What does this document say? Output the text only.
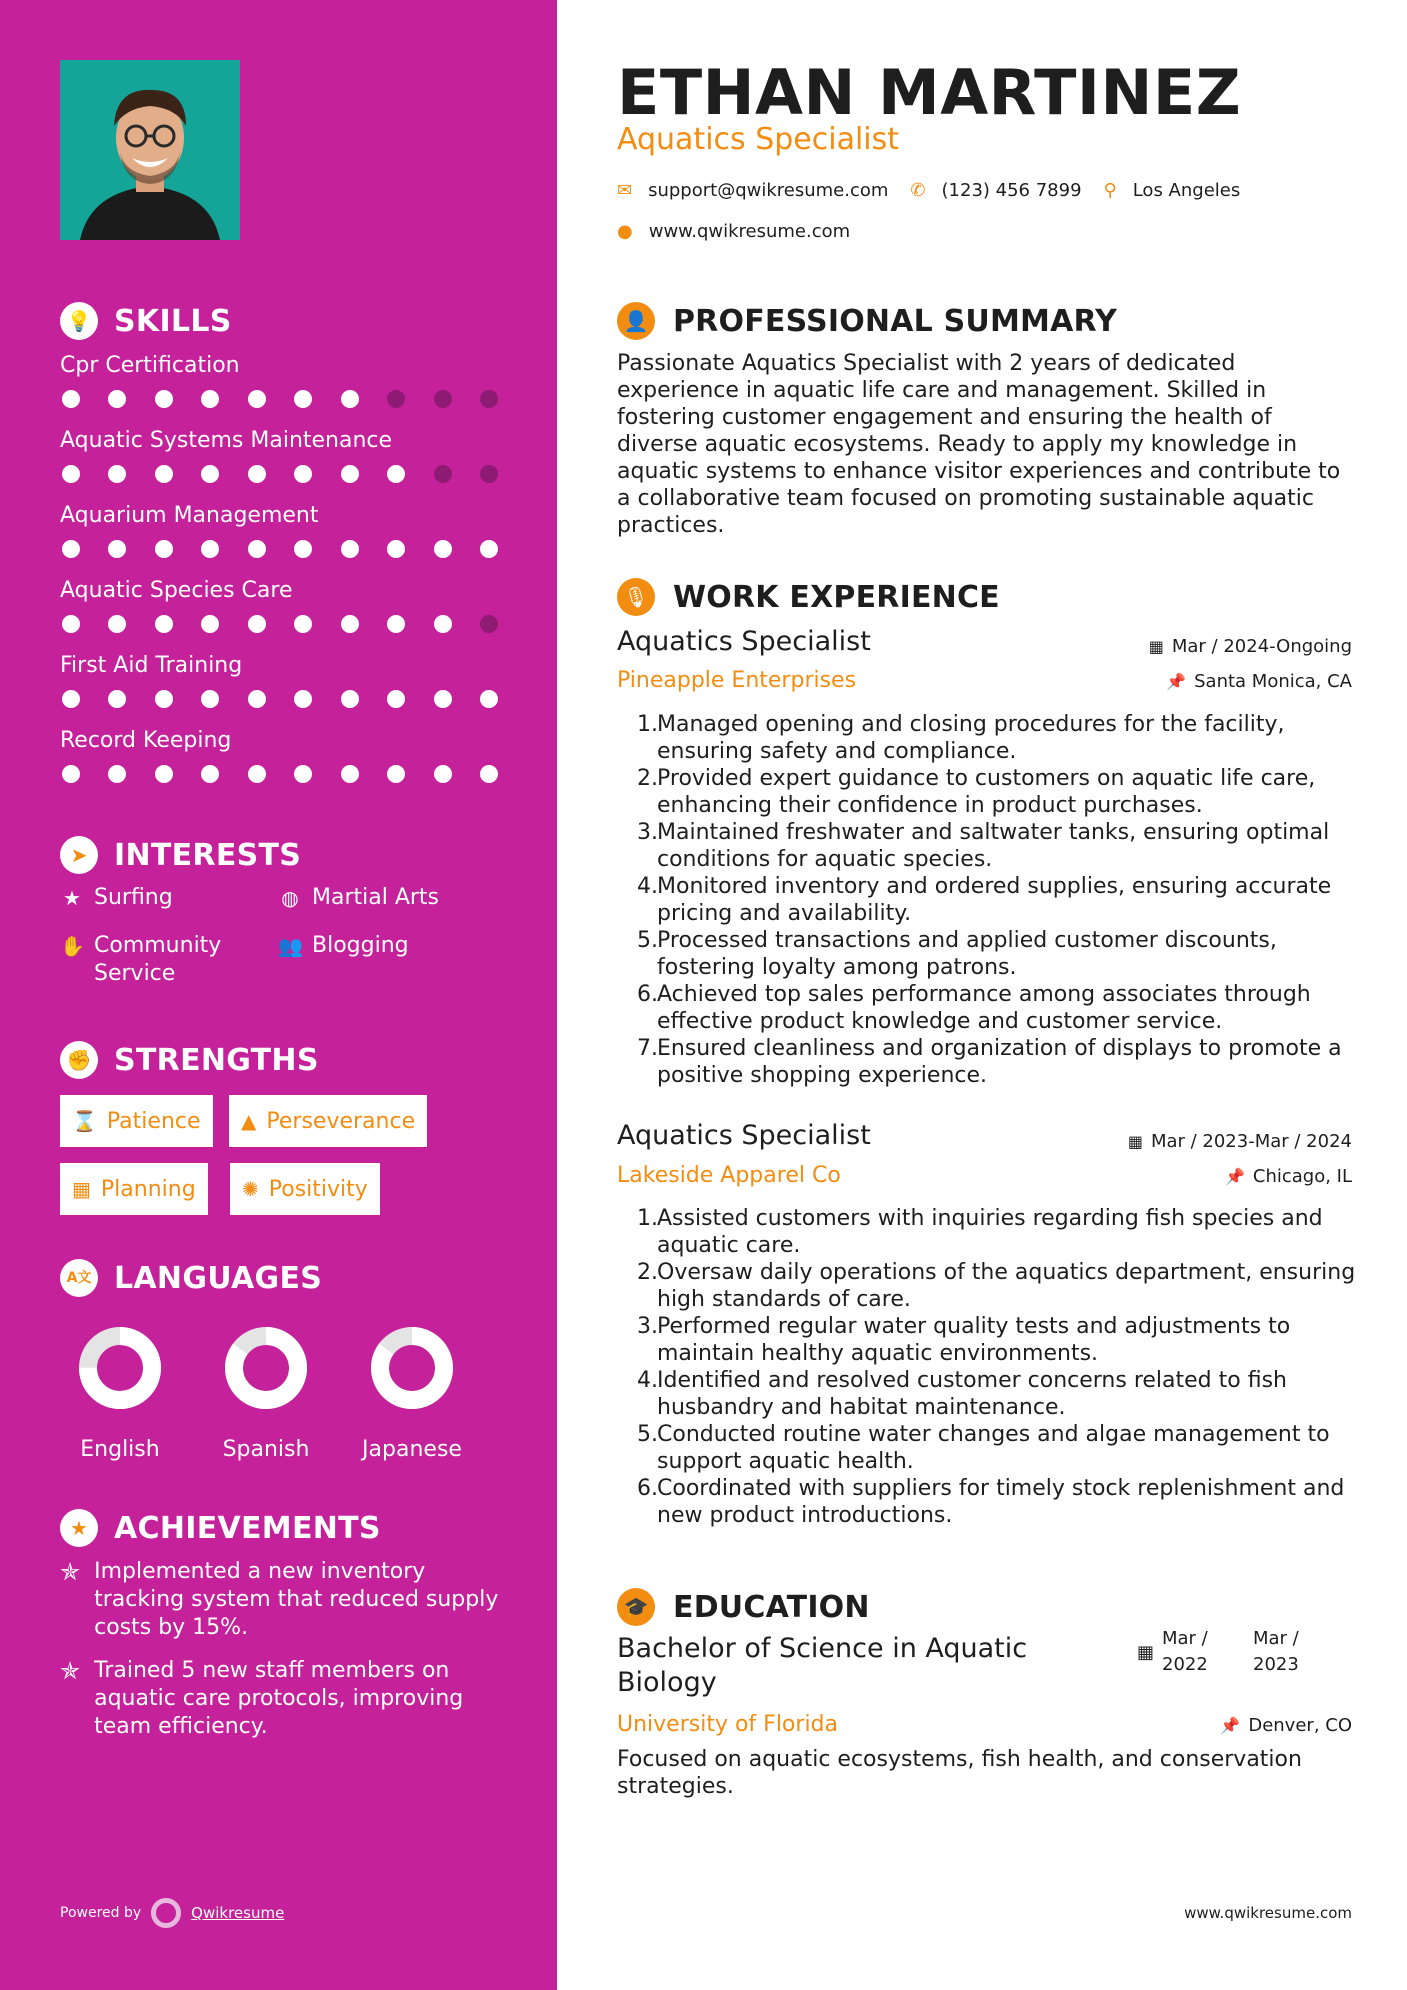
💡 SKILLS
Cpr Certification
Aquatic Systems Maintenance
Aquarium Management
Aquatic Species Care
First Aid Training
Record Keeping
➤ INTERESTS
★ Surfing	◍ Martial Arts
✋ Community Service
👥 Blogging
✊ STRENGTHS
⌛ Patience ▲ Perseverance
▦ Planning ✺ Positivity
A文 LANGUAGES
English	Spanish	Japanese
★ ACHIEVEMENTS
✯ Implemented a new inventory tracking system that reduced supply costs by 15%.
✯ Trained 5 new staff members on aquatic care protocols, improving team efficiency.
Powered by	Qwikresume
ETHAN MARTINEZ
Aquatics Specialist
✉ support@qwikresume.com ✆ (123) 456 7899 ⚲ Los Angeles
● www.qwikresume.com
👤 PROFESSIONAL SUMMARY
Passionate Aquatics Specialist with 2 years of dedicated experience in aquatic life care and management. Skilled in fostering customer engagement and ensuring the health of diverse aquatic ecosystems. Ready to apply my knowledge in aquatic systems to enhance visitor experiences and contribute to a collaborative team focused on promoting sustainable aquatic practices.
🎙 WORK EXPERIENCE
Aquatics Specialist	▦ Mar / 2024-Ongoing
Pineapple Enterprises	📌 Santa Monica, CA
1. Managed opening and closing procedures for the facility, ensuring safety and compliance.
2. Provided expert guidance to customers on aquatic life care, enhancing their confidence in product purchases.
3. Maintained freshwater and saltwater tanks, ensuring optimal conditions for aquatic species.
4. Monitored inventory and ordered supplies, ensuring accurate pricing and availability.
5. Processed transactions and applied customer discounts, fostering loyalty among patrons.
6. Achieved top sales performance among associates through effective product knowledge and customer service.
7. Ensured cleanliness and organization of displays to promote a positive shopping experience.
Aquatics Specialist	▦ Mar / 2023-Mar / 2024
Lakeside Apparel Co	📌 Chicago, IL
1. Assisted customers with inquiries regarding fish species and aquatic care.
2. Oversaw daily operations of the aquatics department, ensuring high standards of care.
3. Performed regular water quality tests and adjustments to maintain healthy aquatic environments.
4. Identified and resolved customer concerns related to fish husbandry and habitat maintenance.
5. Conducted routine water changes and algae management to support aquatic health.
6. Coordinated with suppliers for timely stock replenishment and new product introductions.
🎓 EDUCATION
Bachelor of Science in Aquatic Biology
▦
Mar / 2022
Mar / 2023
University of Florida	📌 Denver, CO
Focused on aquatic ecosystems, fish health, and conservation strategies.
www.qwikresume.com
